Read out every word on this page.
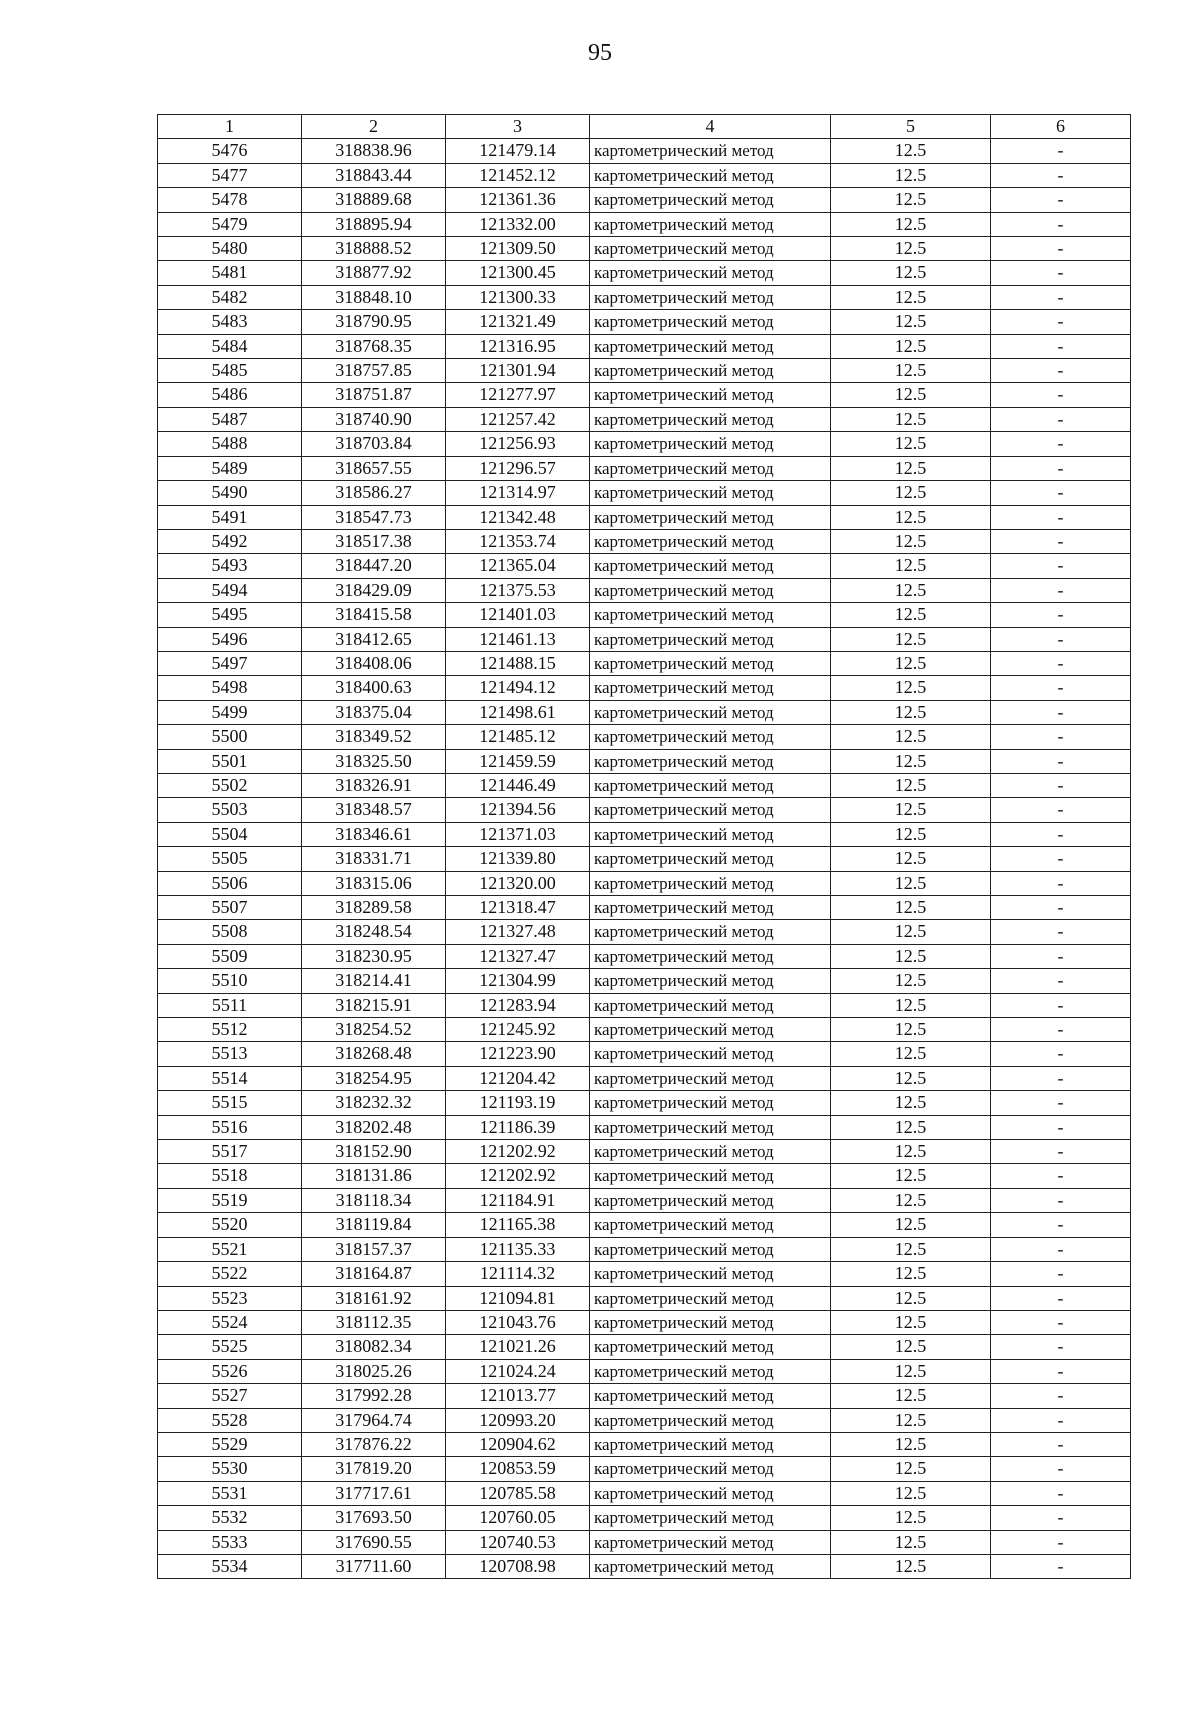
95
1	2	3	4	5	6
5476	318838.96	121479.14	картометрический метод	12.5	-
5477	318843.44	121452.12	картометрический метод	12.5	-
5478	318889.68	121361.36	картометрический метод	12.5	-
5479	318895.94	121332.00	картометрический метод	12.5	-
5480	318888.52	121309.50	картометрический метод	12.5	-
5481	318877.92	121300.45	картометрический метод	12.5	-
5482	318848.10	121300.33	картометрический метод	12.5	-
5483	318790.95	121321.49	картометрический метод	12.5	-
5484	318768.35	121316.95	картометрический метод	12.5	-
5485	318757.85	121301.94	картометрический метод	12.5	-
5486	318751.87	121277.97	картометрический метод	12.5	-
5487	318740.90	121257.42	картометрический метод	12.5	-
5488	318703.84	121256.93	картометрический метод	12.5	-
5489	318657.55	121296.57	картометрический метод	12.5	-
5490	318586.27	121314.97	картометрический метод	12.5	-
5491	318547.73	121342.48	картометрический метод	12.5	-
5492	318517.38	121353.74	картометрический метод	12.5	-
5493	318447.20	121365.04	картометрический метод	12.5	-
5494	318429.09	121375.53	картометрический метод	12.5	-
5495	318415.58	121401.03	картометрический метод	12.5	-
5496	318412.65	121461.13	картометрический метод	12.5	-
5497	318408.06	121488.15	картометрический метод	12.5	-
5498	318400.63	121494.12	картометрический метод	12.5	-
5499	318375.04	121498.61	картометрический метод	12.5	-
5500	318349.52	121485.12	картометрический метод	12.5	-
5501	318325.50	121459.59	картометрический метод	12.5	-
5502	318326.91	121446.49	картометрический метод	12.5	-
5503	318348.57	121394.56	картометрический метод	12.5	-
5504	318346.61	121371.03	картометрический метод	12.5	-
5505	318331.71	121339.80	картометрический метод	12.5	-
5506	318315.06	121320.00	картометрический метод	12.5	-
5507	318289.58	121318.47	картометрический метод	12.5	-
5508	318248.54	121327.48	картометрический метод	12.5	-
5509	318230.95	121327.47	картометрический метод	12.5	-
5510	318214.41	121304.99	картометрический метод	12.5	-
5511	318215.91	121283.94	картометрический метод	12.5	-
5512	318254.52	121245.92	картометрический метод	12.5	-
5513	318268.48	121223.90	картометрический метод	12.5	-
5514	318254.95	121204.42	картометрический метод	12.5	-
5515	318232.32	121193.19	картометрический метод	12.5	-
5516	318202.48	121186.39	картометрический метод	12.5	-
5517	318152.90	121202.92	картометрический метод	12.5	-
5518	318131.86	121202.92	картометрический метод	12.5	-
5519	318118.34	121184.91	картометрический метод	12.5	-
5520	318119.84	121165.38	картометрический метод	12.5	-
5521	318157.37	121135.33	картометрический метод	12.5	-
5522	318164.87	121114.32	картометрический метод	12.5	-
5523	318161.92	121094.81	картометрический метод	12.5	-
5524	318112.35	121043.76	картометрический метод	12.5	-
5525	318082.34	121021.26	картометрический метод	12.5	-
5526	318025.26	121024.24	картометрический метод	12.5	-
5527	317992.28	121013.77	картометрический метод	12.5	-
5528	317964.74	120993.20	картометрический метод	12.5	-
5529	317876.22	120904.62	картометрический метод	12.5	-
5530	317819.20	120853.59	картометрический метод	12.5	-
5531	317717.61	120785.58	картометрический метод	12.5	-
5532	317693.50	120760.05	картометрический метод	12.5	-
5533	317690.55	120740.53	картометрический метод	12.5	-
5534	317711.60	120708.98	картометрический метод	12.5	-
